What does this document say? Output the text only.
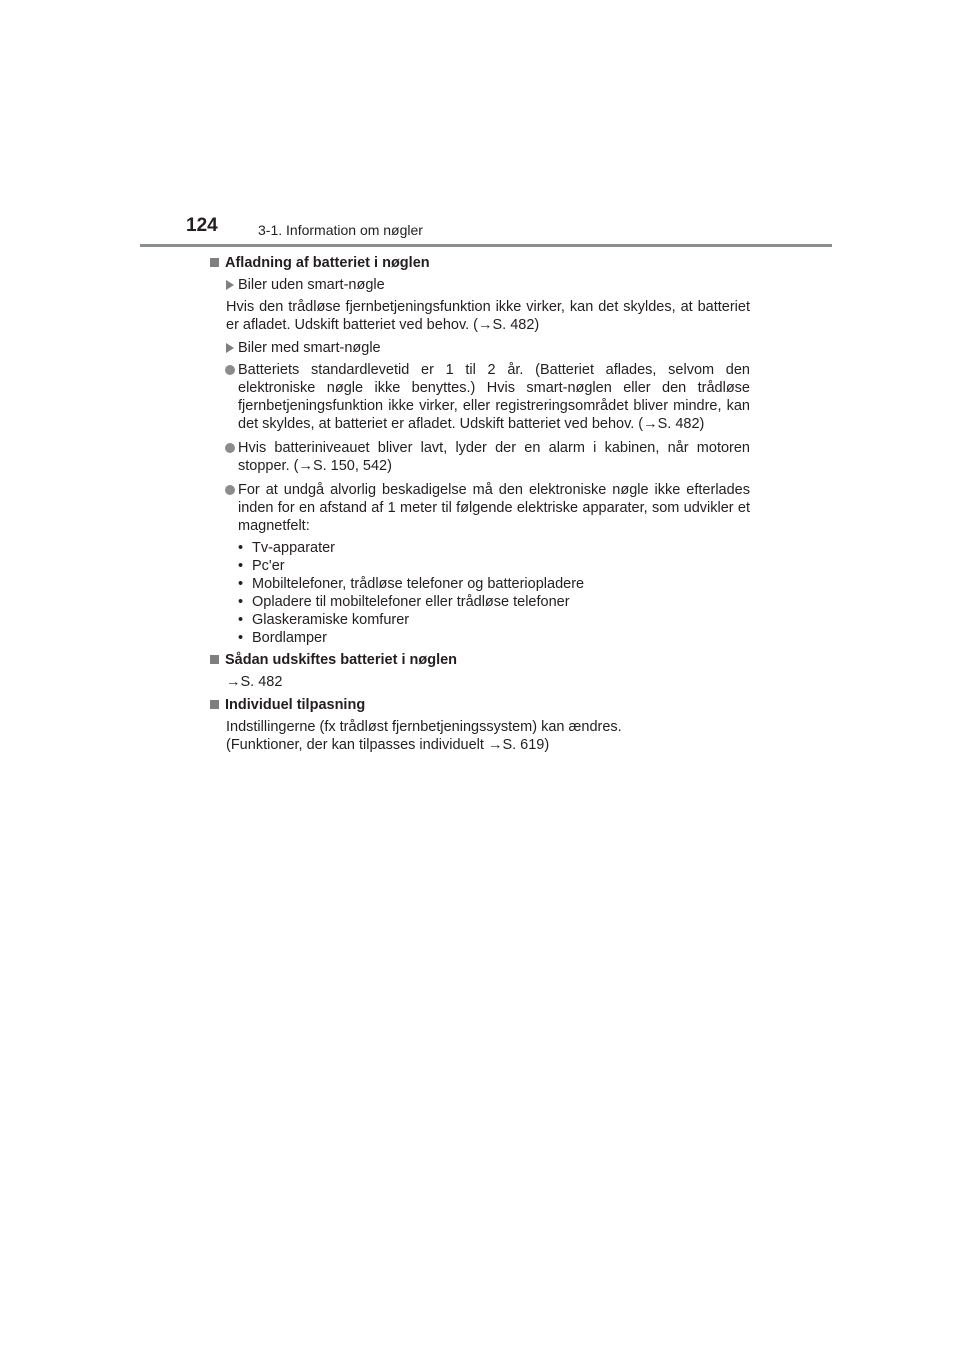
124	3-1. Information om nøgler
Afladning af batteriet i nøglen
Biler uden smart-nøgle

Hvis den trådløse fjernbetjeningsfunktion ikke virker, kan det skyldes, at batteriet er afladet. Udskift batteriet ved behov. (→S. 482)

Biler med smart-nøgle
Batteriets standardlevetid er 1 til 2 år. (Batteriet aflades, selvom den elektroniske nøgle ikke benyttes.) Hvis smart-nøglen eller den trådløse fjernbetjeningsfunktion ikke virker, eller registreringsområdet bliver mindre, kan det skyldes, at batteriet er afladet. Udskift batteriet ved behov. (→S. 482)
Hvis batteriniveauet bliver lavt, lyder der en alarm i kabinen, når motoren stopper. (→S. 150, 542)
For at undgå alvorlig beskadigelse må den elektroniske nøgle ikke efterlades inden for en afstand af 1 meter til følgende elektriske apparater, som udvikler et magnetfelt:
• Tv-apparater
• Pc'er
• Mobiltelefoner, trådløse telefoner og batteriopladere
• Opladere til mobiltelefoner eller trådløse telefoner
• Glaskeramiske komfurer
• Bordlamper
Sådan udskiftes batteriet i nøglen

→S. 482

Individuel tilpasning

Indstillingerne (fx trådløst fjernbetjeningssystem) kan ændres.

(Funktioner, der kan tilpasses individuelt →S. 619)
